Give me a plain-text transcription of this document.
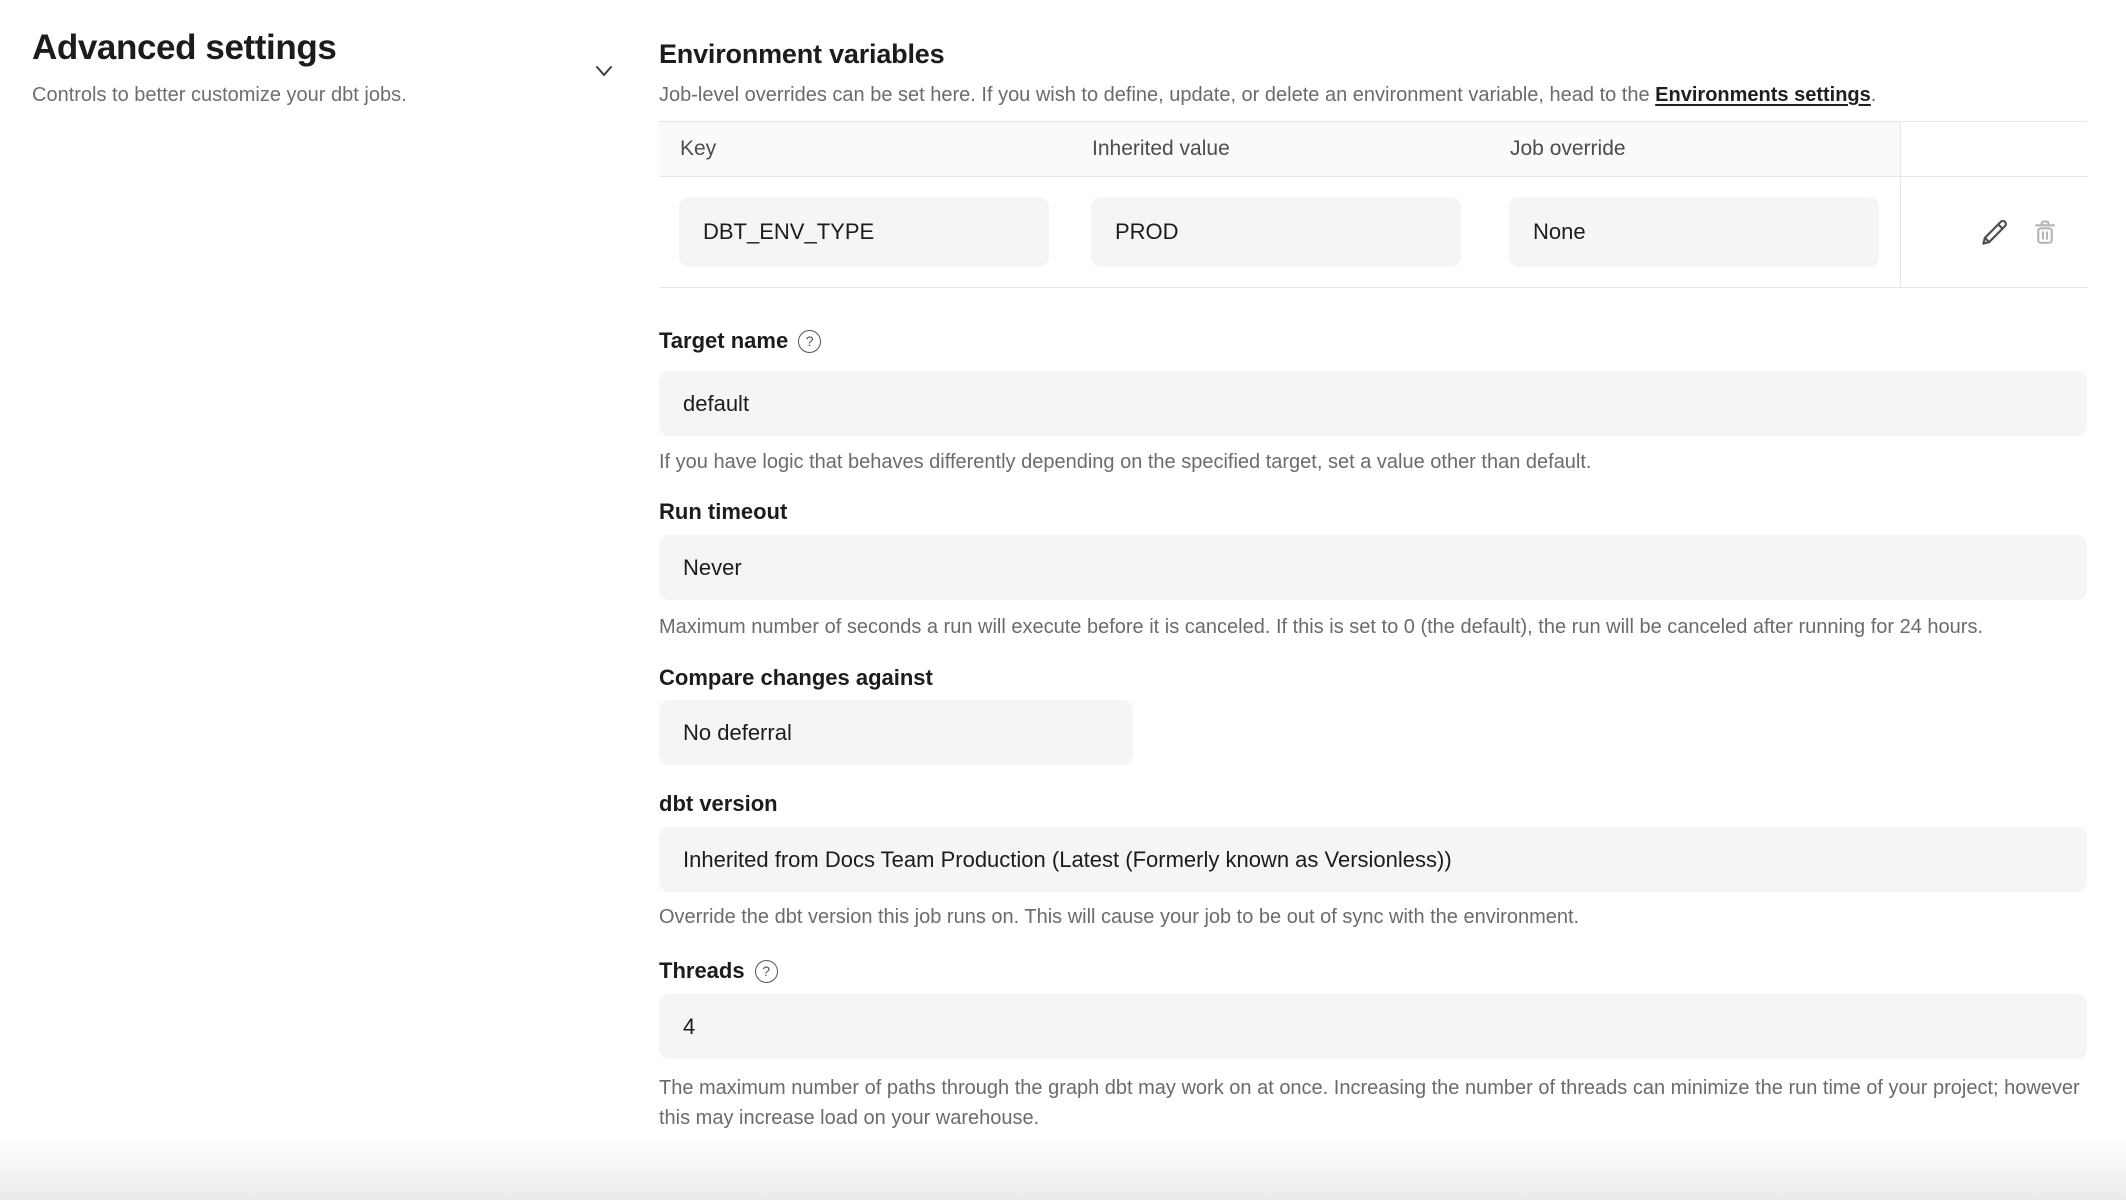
Advanced settings
Controls to better customize your dbt jobs.
Environment variables
Job-level overrides can be set here. If you wish to define, update, or delete an environment variable, head to the Environments settings.
Key	Inherited value	Job override
DBT_ENV_TYPE	PROD	None
Target name	?
default
If you have logic that behaves differently depending on the specified target, set a value other than default.
Run timeout
Never
Maximum number of seconds a run will execute before it is canceled. If this is set to 0 (the default), the run will be canceled after running for 24 hours.
Compare changes against
No deferral
dbt version
Inherited from Docs Team Production (Latest (Formerly known as Versionless))
Override the dbt version this job runs on. This will cause your job to be out of sync with the environment.
Threads	?
4
The maximum number of paths through the graph dbt may work on at once. Increasing the number of threads can minimize the run time of your project; however this may increase load on your warehouse.
